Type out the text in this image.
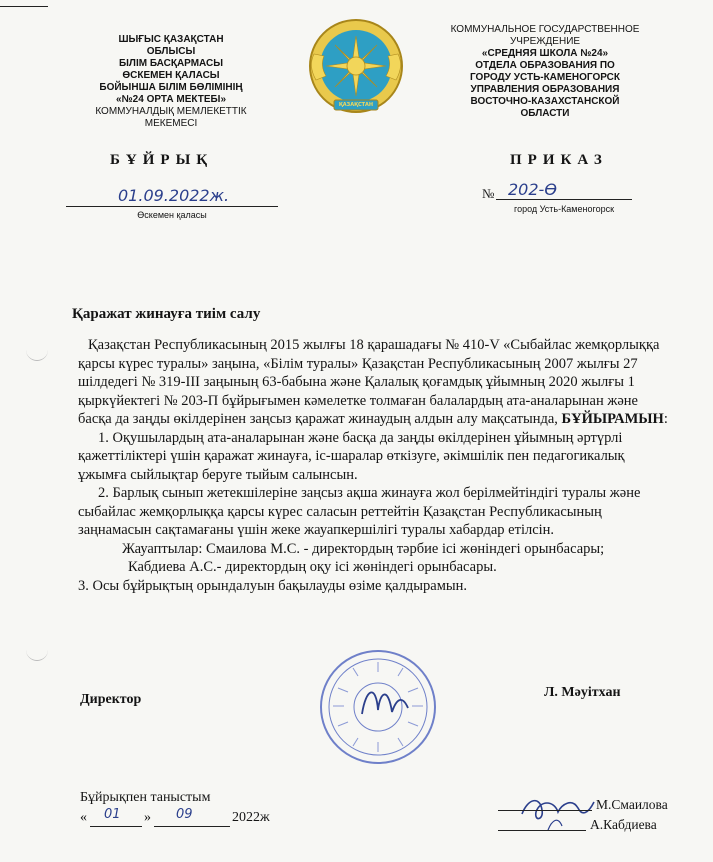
ШЫҒЫС ҚАЗАҚСТАН
ОБЛЫСЫ
БІЛІМ БАСҚАРМАСЫ
ӨСКЕМЕН ҚАЛАСЫ
БОЙЫНША БІЛІМ БӨЛІМІНІҢ
«№24 ОРТА МЕКТЕБІ»
КОММУНАЛДЫҚ МЕМЛЕКЕТТІК
МЕКЕМЕСІ
ҚАЗАҚСТАН
КОММУНАЛЬНОЕ ГОСУДАРСТВЕННОЕ
УЧРЕЖДЕНИЕ
«СРЕДНЯЯ ШКОЛА №24»
ОТДЕЛА ОБРАЗОВАНИЯ ПО
ГОРОДУ УСТЬ-КАМЕНОГОРСК
УПРАВЛЕНИЯ ОБРАЗОВАНИЯ
ВОСТОЧНО-КАЗАХСТАНСКОЙ
ОБЛАСТИ
БҰЙРЫҚ	ПРИКАЗ
01.09.2022ж.
Өскемен қаласы
№ 202-Ө
город Усть-Каменогорск
Қаражат жинауға тиім салу

Қазақстан Республикасының 2015 жылғы 18 қарашадағы № 410-V «Сыбайлас жемқорлыққа қарсы күрес туралы» заңына, «Білім туралы» Қазақстан Республикасының 2007 жылғы 27 шілдедегі № 319-ІІІ заңының 63-бабына және Қалалық қоғамдық ұйымның 2020 жылғы 1 қыркүйектегі № 203-П бұйрығымен кәмелетке толмаған балалардың ата-аналарынан және басқа да заңды өкілдерінен заңсыз қаражат жинаудың алдын алу мақсатында, БҰЙЫРАМЫН:

1. Оқушылардың ата-аналарынан және басқа да заңды өкілдерінен ұйымның әртүрлі қажеттіліктері үшін қаражат жинауға, іс-шаралар өткізуге, әкімшілік пен педагогикалық ұжымға сыйлықтар беруге тыйым салынсын.

2. Барлық сынып жетекшілеріне заңсыз ақша жинауға жол берілмейтіндігі туралы және сыбайлас жемқорлыққа қарсы күрес саласын реттейтін Қазақстан Республикасының заңнамасын сақтамағаны үшін жеке жауапкершілігі туралы хабардар етілсін.

Жауаптылар: Смаилова М.С. - директордың тәрбие ісі жөніндегі орынбасары;

Кабдиева А.С.- директордың оқу ісі жөніндегі орынбасары.

3. Осы бұйрықтың орындалуын бақылауды өзіме қалдырамын.

Директор	Л. Мәуітхан
Бұйрықпен таныстым
« 01 » 09	2022ж
М.Смаилова
А.Кабдиева
